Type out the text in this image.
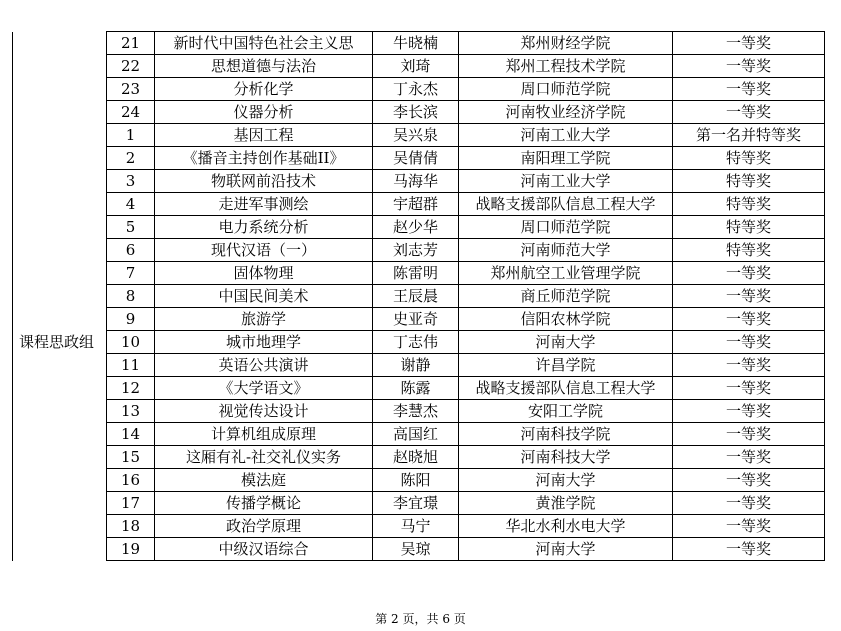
	21	新时代中国特色社会主义思	牛晓楠	郑州财经学院	一等奖
	22	思想道德与法治	刘琦	郑州工程技术学院	一等奖
	23	分析化学	丁永杰	周口师范学院	一等奖
	24	仪器分析	李长滨	河南牧业经济学院	一等奖

课程思政组	1	基因工程	吴兴泉	河南工业大学	第一名并特等奖
	2	《播音主持创作基础II》	吴倩倩	南阳理工学院	特等奖
	3	物联网前沿技术	马海华	河南工业大学	特等奖
	4	走进军事测绘	宇超群	战略支援部队信息工程大学	特等奖
	5	电力系统分析	赵少华	周口师范学院	特等奖
	6	现代汉语（一）	刘志芳	河南师范大学	特等奖
	7	固体物理	陈雷明	郑州航空工业管理学院	一等奖
	8	中国民间美术	王辰晨	商丘师范学院	一等奖
	9	旅游学	史亚奇	信阳农林学院	一等奖
	10	城市地理学	丁志伟	河南大学	一等奖
	11	英语公共演讲	谢静	许昌学院	一等奖
	12	《大学语文》	陈露	战略支援部队信息工程大学	一等奖
	13	视觉传达设计	李慧杰	安阳工学院	一等奖
	14	计算机组成原理	高国红	河南科技学院	一等奖
	15	这厢有礼-社交礼仪实务	赵晓旭	河南科技大学	一等奖
	16	模法庭	陈阳	河南大学	一等奖
	17	传播学概论	李宜璟	黄淮学院	一等奖
	18	政治学原理	马宁	华北水利水电大学	一等奖
	19	中级汉语综合	吴琼	河南大学	一等奖
第 2 页，共 6 页
